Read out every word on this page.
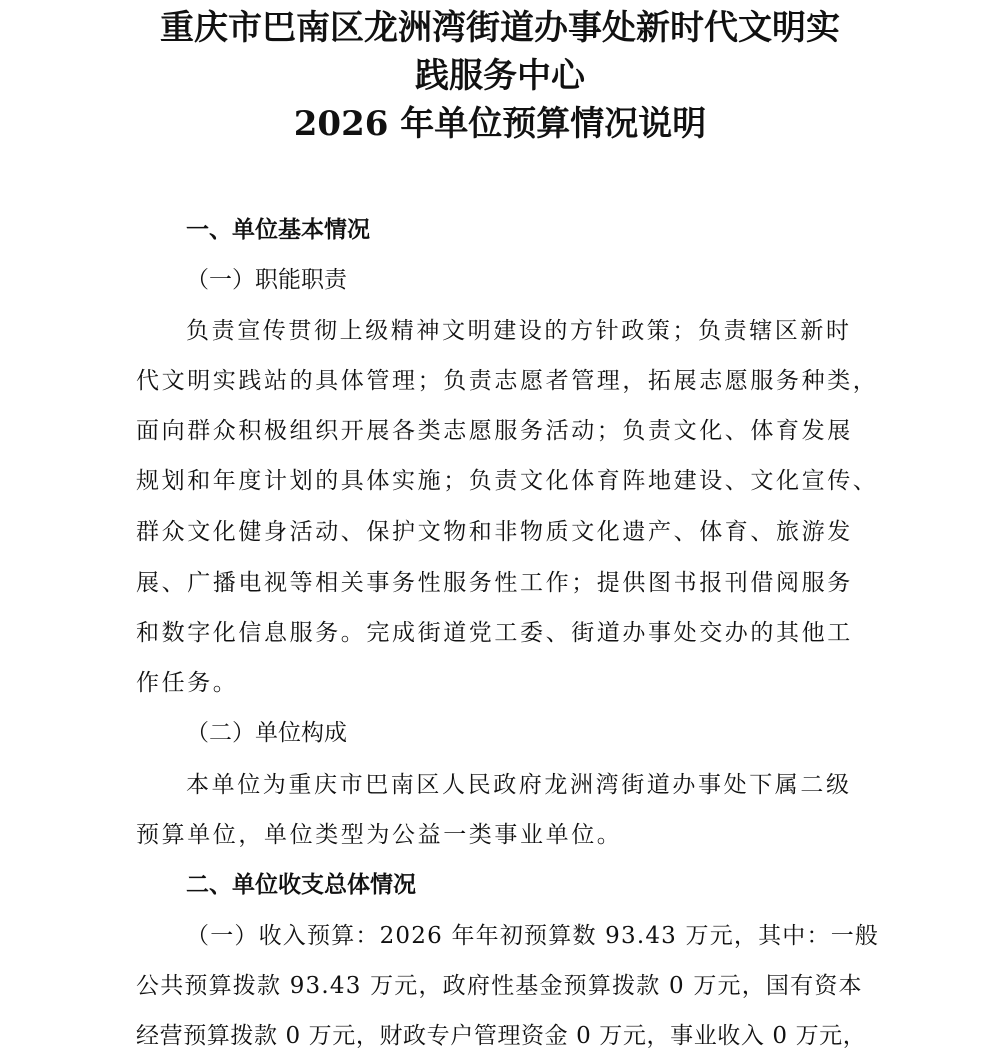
重庆市巴南区龙洲湾街道办事处新时代文明实
践服务中心
2026 年单位预算情况说明
一、单位基本情况
（一）职能职责
负责宣传贯彻上级精神文明建设的方针政策；负责辖区新时
代文明实践站的具体管理；负责志愿者管理，拓展志愿服务种类，
面向群众积极组织开展各类志愿服务活动；负责文化、体育发展
规划和年度计划的具体实施；负责文化体育阵地建设、文化宣传、
群众文化健身活动、保护文物和非物质文化遗产、体育、旅游发
展、广播电视等相关事务性服务性工作；提供图书报刊借阅服务
和数字化信息服务。完成街道党工委、街道办事处交办的其他工
作任务。
（二）单位构成
本单位为重庆市巴南区人民政府龙洲湾街道办事处下属二级
预算单位，单位类型为公益一类事业单位。
二、单位收支总体情况
（一）收入预算：2026 年年初预算数 93.43 万元，其中：一般
公共预算拨款 93.43 万元，政府性基金预算拨款 0 万元，国有资本
经营预算拨款 0 万元，财政专户管理资金 0 万元，事业收入 0 万元，
